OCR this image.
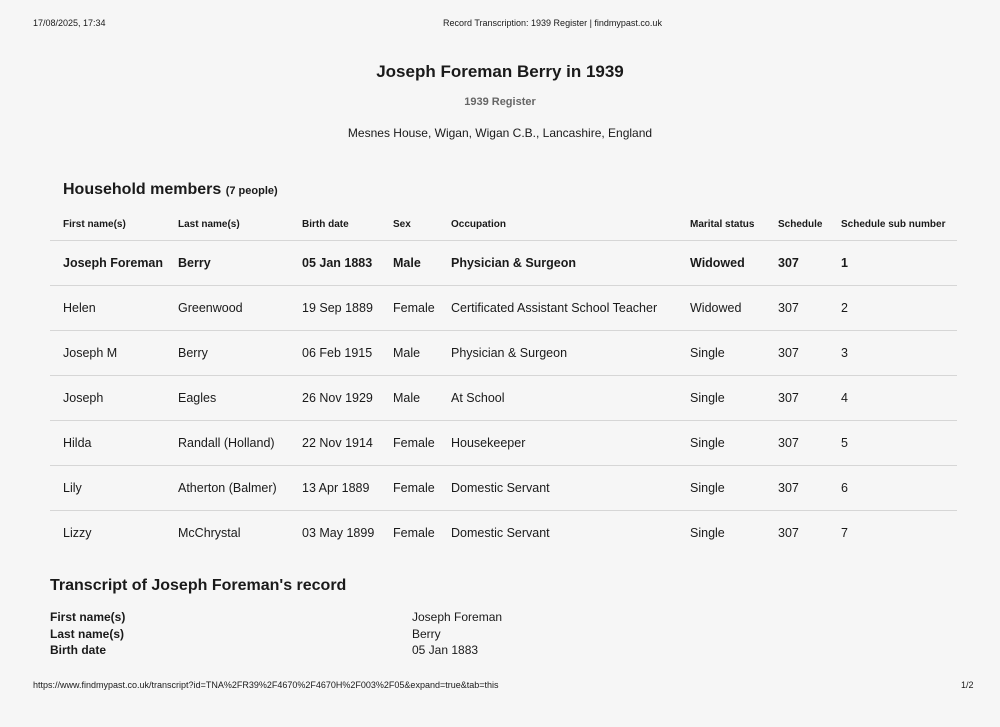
17/08/2025, 17:34	Record Transcription: 1939 Register | findmypast.co.uk
Joseph Foreman Berry in 1939
1939 Register
Mesnes House, Wigan, Wigan C.B., Lancashire, England
Household members (7 people)
First name(s)	Last name(s)	Birth date	Sex	Occupation	Marital status	Schedule	Schedule sub number
Joseph Foreman	Berry	05 Jan 1883	Male	Physician & Surgeon	Widowed	307	1
Helen	Greenwood	19 Sep 1889	Female	Certificated Assistant School Teacher	Widowed	307	2
Joseph M	Berry	06 Feb 1915	Male	Physician & Surgeon	Single	307	3
Joseph	Eagles	26 Nov 1929	Male	At School	Single	307	4
Hilda	Randall (Holland)	22 Nov 1914	Female	Housekeeper	Single	307	5
Lily	Atherton (Balmer)	13 Apr 1889	Female	Domestic Servant	Single	307	6
Lizzy	McChrystal	03 May 1899	Female	Domestic Servant	Single	307	7
Transcript of Joseph Foreman's record
First name(s)	Joseph Foreman
Last name(s)	Berry
Birth date	05 Jan 1883
https://www.findmypast.co.uk/transcript?id=TNA%2FR39%2F4670%2F4670H%2F003%2F05&expand=true&tab=this	1/2
